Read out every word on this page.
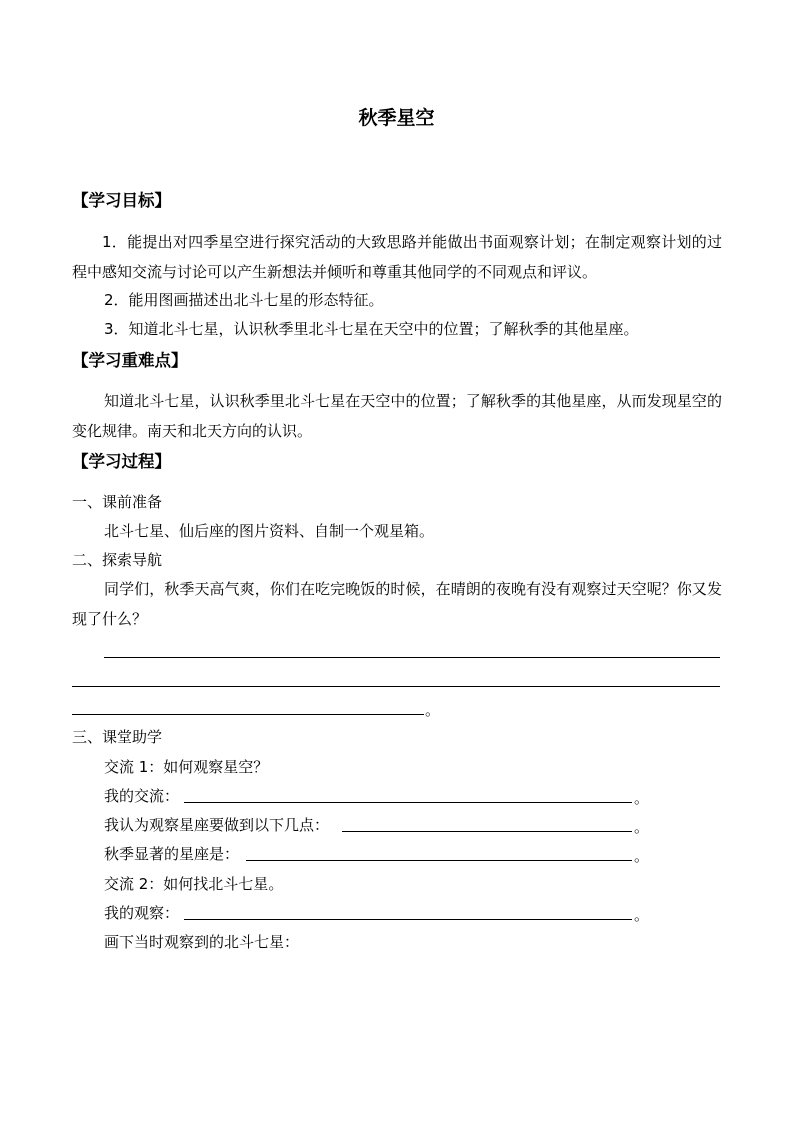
秋季星空
【学习目标】
1．能提出对四季星空进行探究活动的大致思路并能做出书面观察计划；在制定观察计划的过程中感知交流与讨论可以产生新想法并倾听和尊重其他同学的不同观点和评议。
2．能用图画描述出北斗七星的形态特征。
3．知道北斗七星，认识秋季里北斗七星在天空中的位置；了解秋季的其他星座。
【学习重难点】
知道北斗七星，认识秋季里北斗七星在天空中的位置；了解秋季的其他星座，从而发现星空的变化规律。南天和北天方向的认识。
【学习过程】
一、课前准备
北斗七星、仙后座的图片资料、自制一个观星箱。
二、探索导航
同学们，秋季天高气爽，你们在吃完晚饭的时候，在晴朗的夜晚有没有观察过天空呢？你又发现了什么？
。
三、课堂助学
交流 1：如何观察星空？
我的交流：	。
我认为观察星座要做到以下几点：	。
秋季显著的星座是：	。
交流 2：如何找北斗七星。
我的观察：	。
画下当时观察到的北斗七星：
